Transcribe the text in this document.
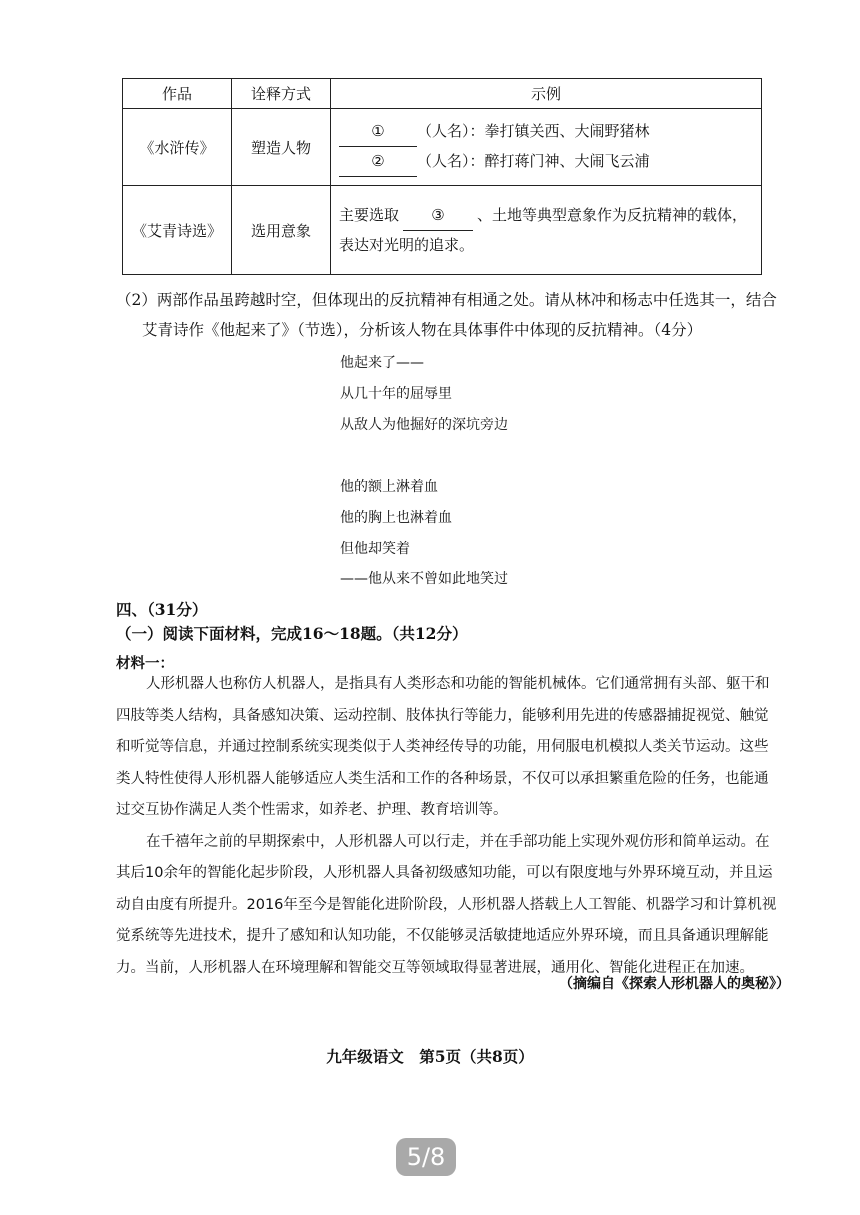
作品	诠释方式	示例
《水浒传》	塑造人物	① （人名）：拳打镇关西、大闹野猪林
② （人名）：醉打蒋门神、大闹飞云浦

《艾青诗选》	选用意象	主要选取 ③ 、土地等典型意象作为反抗精神的载体，
表达对光明的追求。
（2）两部作品虽跨越时空，但体现出的反抗精神有相通之处。请从林冲和杨志中任选其一，结合
艾青诗作《他起来了》（节选），分析该人物在具体事件中体现的反抗精神。（4分）
他起来了——
从几十年的屈辱里
从敌人为他掘好的深坑旁边
他的额上淋着血
他的胸上也淋着血
但他却笑着
——他从来不曾如此地笑过
四、（31分）
（一）阅读下面材料，完成16～18题。（共12分）
材料一：

人形机器人也称仿人机器人，是指具有人类形态和功能的智能机械体。它们通常拥有头部、躯干和四肢等类人结构，具备感知决策、运动控制、肢体执行等能力，能够利用先进的传感器捕捉视觉、触觉和听觉等信息，并通过控制系统实现类似于人类神经传导的功能，用伺服电机模拟人类关节运动。这些类人特性使得人形机器人能够适应人类生活和工作的各种场景，不仅可以承担繁重危险的任务，也能通过交互协作满足人类个性需求，如养老、护理、教育培训等。

在千禧年之前的早期探索中，人形机器人可以行走，并在手部功能上实现外观仿形和简单运动。在其后10余年的智能化起步阶段，人形机器人具备初级感知功能，可以有限度地与外界环境互动，并且运动自由度有所提升。2016年至今是智能化进阶阶段，人形机器人搭载上人工智能、机器学习和计算机视觉系统等先进技术，提升了感知和认知功能，不仅能够灵活敏捷地适应外界环境，而且具备通识理解能力。当前，人形机器人在环境理解和智能交互等领域取得显著进展，通用化、智能化进程正在加速。

（摘编自《探索人形机器人的奥秘》）
九年级语文　第5页（共8页）
5/8
